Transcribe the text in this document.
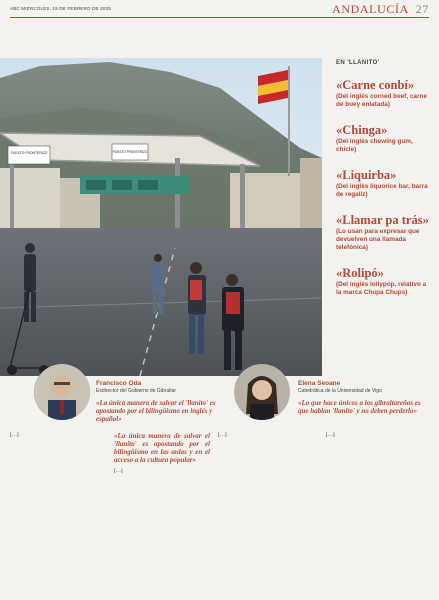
ABC MIÉRCOLES, 19 DE FEBRERO DE 2025	ANDALUCÍA 27
PUESTO FRONTERIZO	PUESTO FRONTERIZO
EN 'LLANITO'
«Carne conbí»
(Del inglés corned beef, carne de buey enlatada)
«Chinga»
(Del inglés chewing gum, chicle)
«Liquirba»
(Del inglés liquorice bar, barra de regaliz)
«Llamar pa trás»
(Lo usan para expresar que devuelven una llamada telefónica)
«Rolipó»
(Del inglés lollypop, relativo a la marca Chupa Chups)
Francisco Oda
Exdirector del Gobierno de Gibraltar
«La única manera de salvar el 'llanito' es apostando por el bilingüismo en inglés y español»
Elena Seoane
Catedrática de la Universidad de Vigo
«Lo que hace únicos a los gibraltareños es que hablan 'llanito' y no deben perderlo»
[…]	«La única manera de salvar el 'llanito' es apostando por el bilingüismo en las aulas y en el acceso a la cultura popular»
[…]
[…]	[…]
